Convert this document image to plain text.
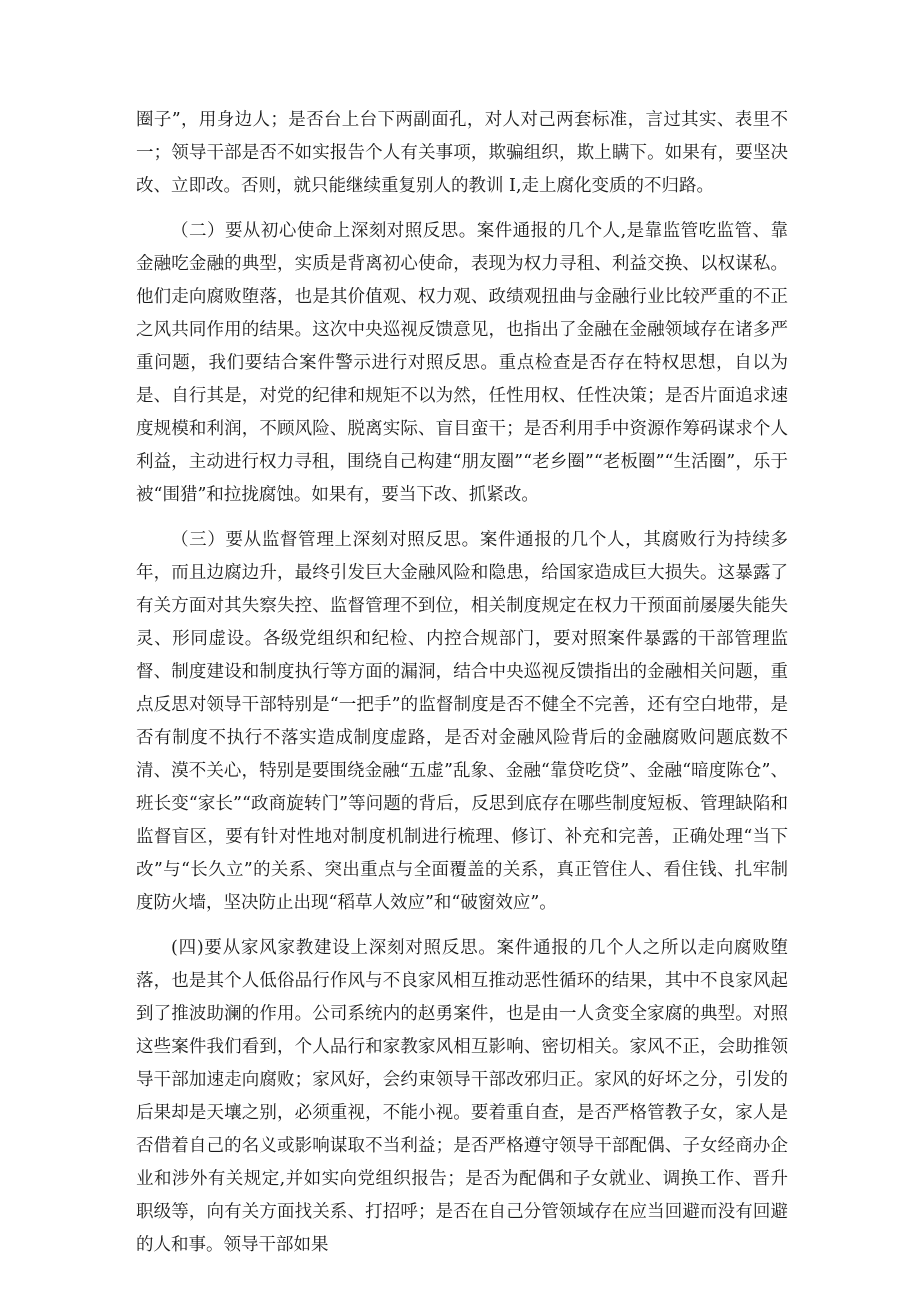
圈子”，用身边人；是否台上台下两副面孔，对人对己两套标准，言过其实、表里不一；领导干部是否不如实报告个人有关事项，欺骗组织，欺上瞒下。如果有，要坚决改、立即改。否则，就只能继续重复别人的教训 I,走上腐化变质的不归路。

（二）要从初心使命上深刻对照反思。案件通报的几个人,是靠监管吃监管、靠金融吃金融的典型，实质是背离初心使命，表现为权力寻租、利益交换、以权谋私。他们走向腐败堕落，也是其价值观、权力观、政绩观扭曲与金融行业比较严重的不正之风共同作用的结果。这次中央巡视反馈意见，也指出了金融在金融领域存在诸多严重问题，我们要结合案件警示进行对照反思。重点检查是否存在特权思想，自以为是、自行其是，对党的纪律和规矩不以为然，任性用权、任性决策；是否片面追求速度规模和利润，不顾风险、脱离实际、盲目蛮干；是否利用手中资源作筹码谋求个人利益，主动进行权力寻租，围绕自己构建“朋友圈”“老乡圈”“老板圈”“生活圈”，乐于被“围猎”和拉拢腐蚀。如果有，要当下改、抓紧改。

（三）要从监督管理上深刻对照反思。案件通报的几个人，其腐败行为持续多年，而且边腐边升，最终引发巨大金融风险和隐患，给国家造成巨大损失。这暴露了有关方面对其失察失控、监督管理不到位，相关制度规定在权力干预面前屡屡失能失灵、形同虚设。各级党组织和纪检、内控合规部门，要对照案件暴露的干部管理监督、制度建设和制度执行等方面的漏洞，结合中央巡视反馈指出的金融相关问题，重点反思对领导干部特别是“一把手”的监督制度是否不健全不完善，还有空白地带，是否有制度不执行不落实造成制度虚路，是否对金融风险背后的金融腐败问题底数不清、漠不关心，特别是要围绕金融“五虚”乱象、金融“靠贷吃贷”、金融“暗度陈仓”、班长变“家长”“政商旋转门”等问题的背后，反思到底存在哪些制度短板、管理缺陷和监督盲区，要有针对性地对制度机制进行梳理、修订、补充和完善，正确处理“当下改”与“长久立”的关系、突出重点与全面覆盖的关系，真正管住人、看住钱、扎牢制度防火墙，坚决防止出现“稻草人效应”和“破窗效应”。

(四)要从家风家教建设上深刻对照反思。案件通报的几个人之所以走向腐败堕落，也是其个人低俗品行作风与不良家风相互推动恶性循环的结果，其中不良家风起到了推波助澜的作用。公司系统内的赵勇案件，也是由一人贪变全家腐的典型。对照这些案件我们看到，个人品行和家教家风相互影响、密切相关。家风不正，会助推领导干部加速走向腐败；家风好，会约束领导干部改邪归正。家风的好坏之分，引发的后果却是天壤之别，必须重视，不能小视。要着重自查，是否严格管教子女，家人是否借着自己的名义或影响谋取不当利益；是否严格遵守领导干部配偶、子女经商办企业和涉外有关规定,并如实向党组织报告；是否为配偶和子女就业、调换工作、晋升职级等，向有关方面找关系、打招呼；是否在自己分管领域存在应当回避而没有回避的人和事。领导干部如果
